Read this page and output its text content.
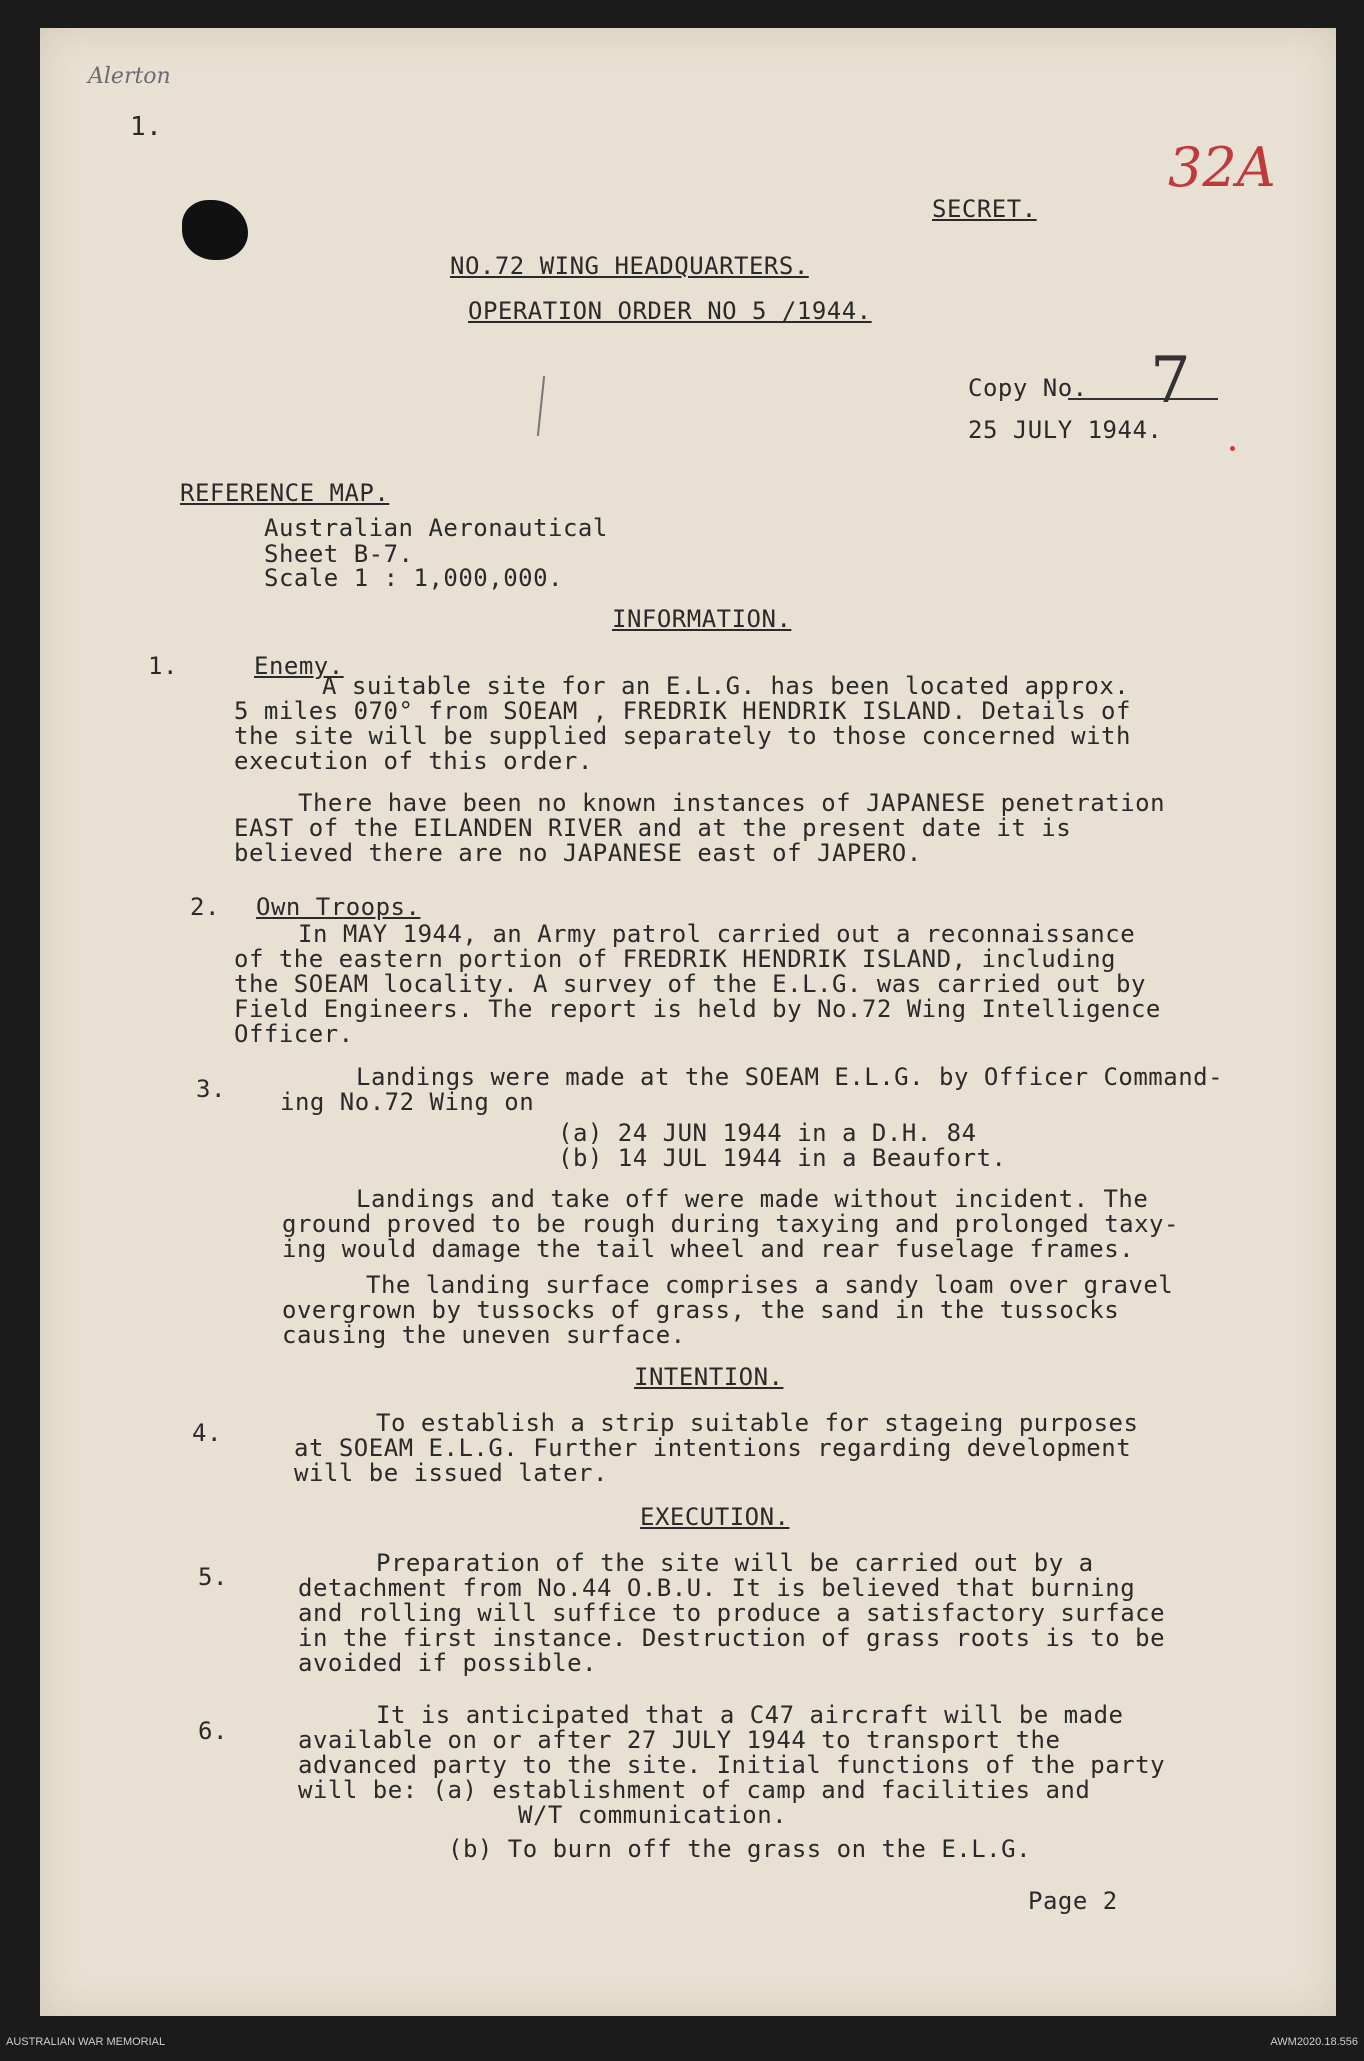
Alerton
1.
32A
SECRET.
NO.72 WING HEADQUARTERS.
OPERATION ORDER NO 5 /1944.
Copy No. 7
25 JULY 1944.
REFERENCE MAP.
Australian Aeronautical
Sheet B-7.
Scale 1 : 1,000,000.
INFORMATION.
1.	Enemy.
A suitable site for an E.L.G. has been located approx.
5 miles 070° from SOEAM , FREDRIK HENDRIK ISLAND. Details of
the site will be supplied separately to those concerned with
execution of this order.
There have been no known instances of JAPANESE penetration
EAST of the EILANDEN RIVER and at the present date it is
believed there are no JAPANESE east of JAPERO.
2. Own Troops.
In MAY 1944, an Army patrol carried out a reconnaissance
of the eastern portion of FREDRIK HENDRIK ISLAND, including
the SOEAM locality. A survey of the E.L.G. was carried out by
Field Engineers. The report is held by No.72 Wing Intelligence
Officer.
3.	Landings were made at the SOEAM E.L.G. by Officer Command-
ing No.72 Wing on
(a) 24 JUN 1944 in a D.H. 84
(b) 14 JUL 1944 in a Beaufort.
Landings and take off were made without incident. The
ground proved to be rough during taxying and prolonged taxy-
ing would damage the tail wheel and rear fuselage frames.
The landing surface comprises a sandy loam over gravel
overgrown by tussocks of grass, the sand in the tussocks
causing the uneven surface.
INTENTION.
4.	To establish a strip suitable for stageing purposes
at SOEAM E.L.G. Further intentions regarding development
will be issued later.
EXECUTION.
5.	Preparation of the site will be carried out by a
detachment from No.44 O.B.U. It is believed that burning
and rolling will suffice to produce a satisfactory surface
in the first instance. Destruction of grass roots is to be
avoided if possible.
6.
It is anticipated that a C47 aircraft will be made
available on or after 27 JULY 1944 to transport the
advanced party to the site. Initial functions of the party
will be: (a) establishment of camp and facilities and
W/T communication.
(b) To burn off the grass on the E.L.G.
Page 2
AUSTRALIAN WAR MEMORIAL	AWM2020.18.556
